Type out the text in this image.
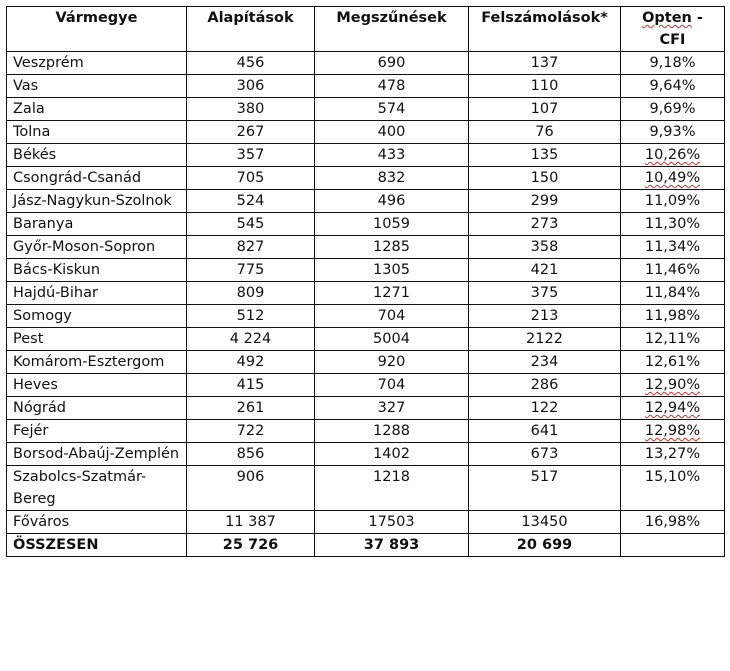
Vármegye	Alapítások	Megszűnések	Felszámolások*	Opten - CFI
Veszprém	456	690	137	9,18%
Vas	306	478	110	9,64%
Zala	380	574	107	9,69%
Tolna	267	400	76	9,93%
Békés	357	433	135	10,26%
Csongrád-Csanád	705	832	150	10,49%
Jász-Nagykun-Szolnok	524	496	299	11,09%
Baranya	545	1059	273	11,30%
Győr-Moson-Sopron	827	1285	358	11,34%
Bács-Kiskun	775	1305	421	11,46%
Hajdú-Bihar	809	1271	375	11,84%
Somogy	512	704	213	11,98%
Pest	4 224	5004	2122	12,11%
Komárom-Esztergom	492	920	234	12,61%
Heves	415	704	286	12,90%
Nógrád	261	327	122	12,94%
Fejér	722	1288	641	12,98%
Borsod-Abaúj-Zemplén	856	1402	673	13,27%
Szabolcs-Szatmár-Bereg	906	1218	517	15,10%
Főváros	11 387	17503	13450	16,98%
ÖSSZESEN	25 726	37 893	20 699	
